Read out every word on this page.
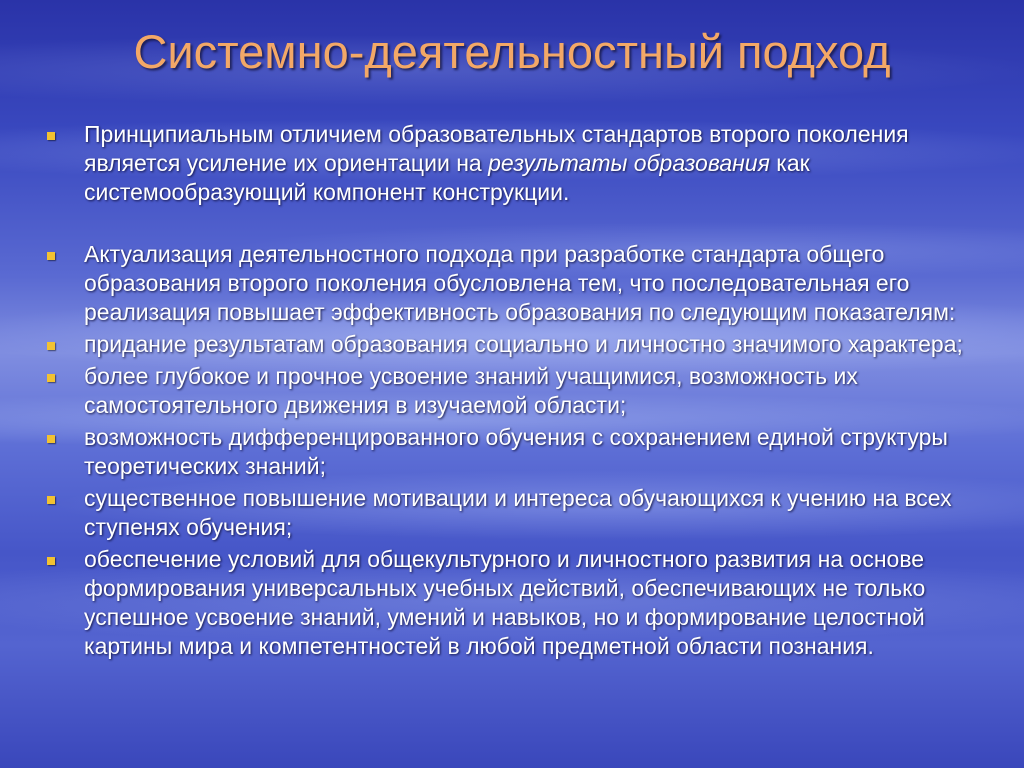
Системно-деятельностный подход
Принципиальным отличием образовательных стандартов второго поколения является усиление их ориентации на результаты образования как системообразующий компонент конструкции.
Актуализация деятельностного подхода при разработке стандарта общего образования второго поколения обусловлена тем, что последовательная его реализация повышает эффективность образования по следующим показателям:
придание результатам образования социально и личностно значимого характера;
более глубокое и прочное усвоение знаний учащимися, возможность их самостоятельного движения в изучаемой области;
возможность дифференцированного обучения с сохранением единой структуры теоретических знаний;
существенное повышение мотивации и интереса обучающихся к учению на всех ступенях обучения;
обеспечение условий для общекультурного и личностного развития на основе формирования универсальных учебных действий, обеспечивающих не только успешное усвоение знаний, умений и навыков, но и формирование целостной картины мира и компетентностей в любой предметной области познания.
